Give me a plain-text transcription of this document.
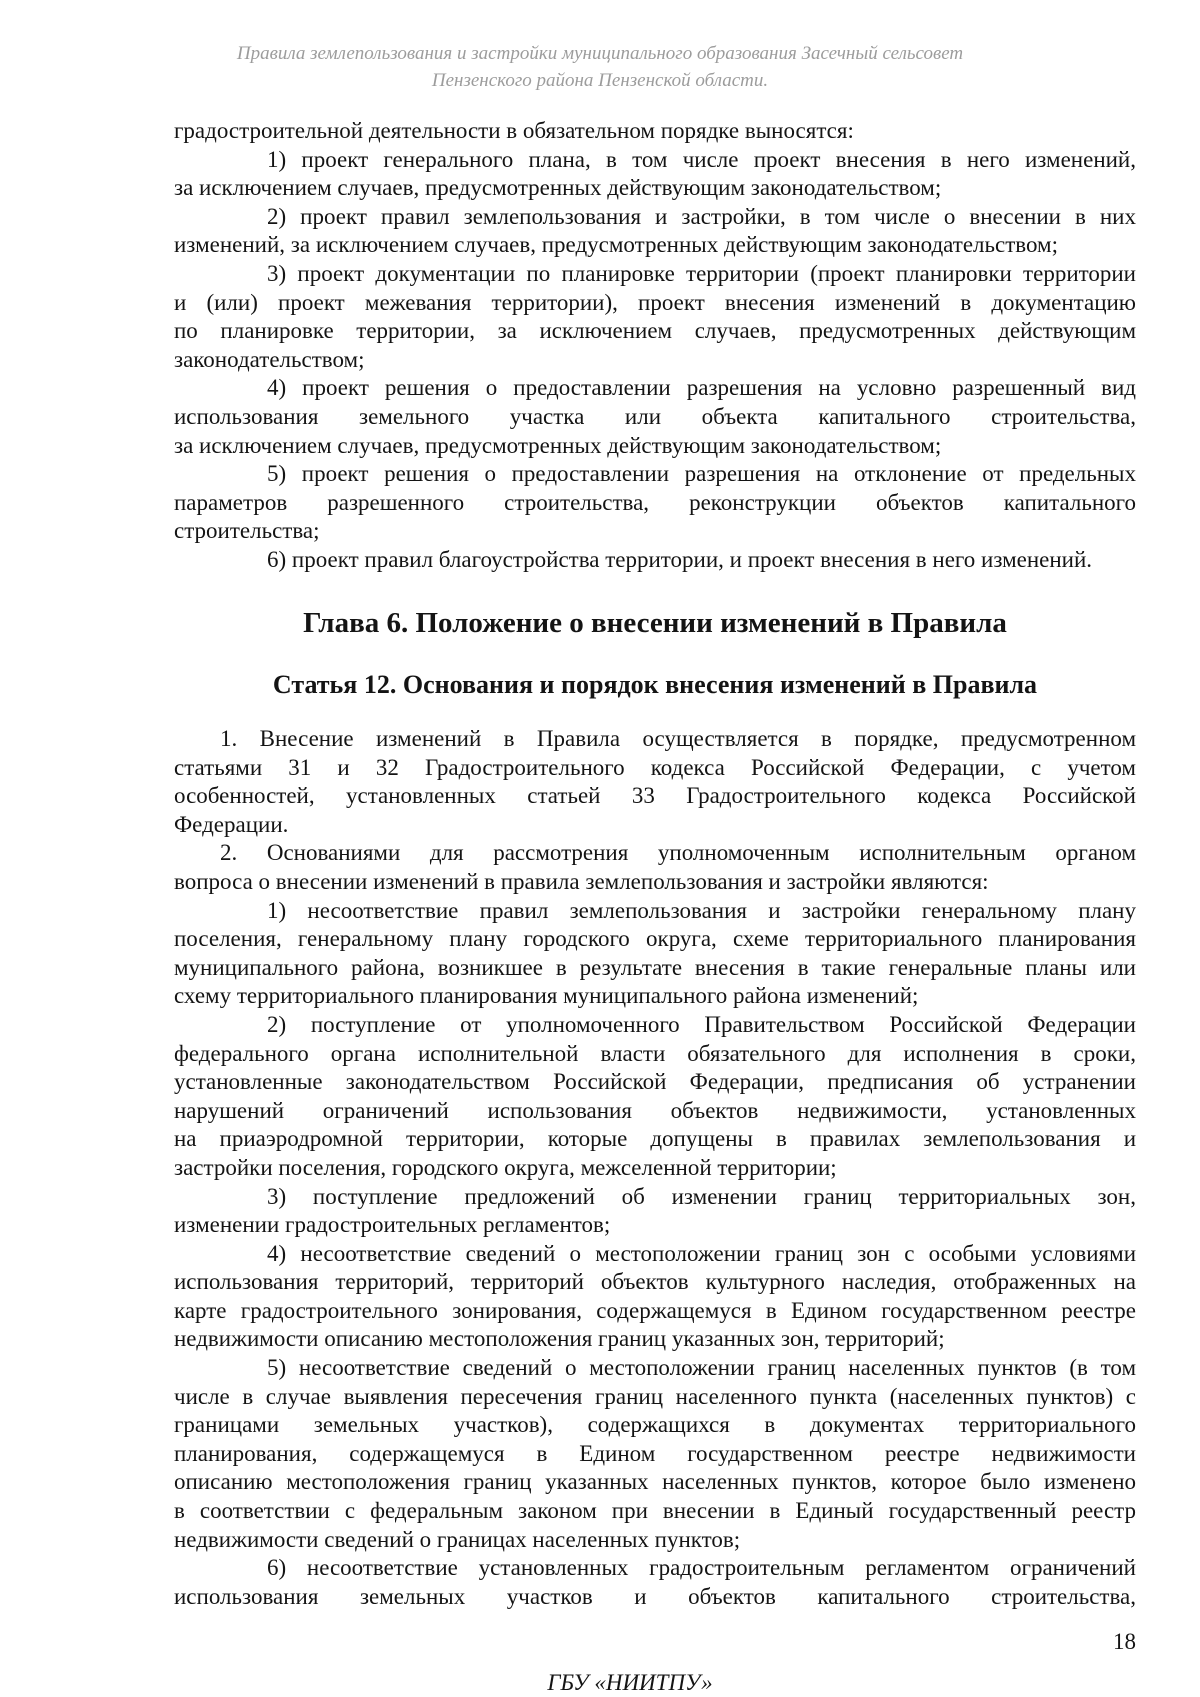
Правила землепользования и застройки муниципального образования Засечный сельсовет
Пензенского района Пензенской области.
градостроительной деятельности в обязательном порядке выносятся:
1) проект генерального плана, в том числе проект внесения в него изменений,
за исключением случаев, предусмотренных действующим законодательством;
2) проект правил землепользования и застройки, в том числе о внесении в них
изменений, за исключением случаев, предусмотренных действующим законодательством;
3) проект документации по планировке территории (проект планировки территории
и (или) проект межевания территории), проект внесения изменений в документацию
по планировке территории, за исключением случаев, предусмотренных действующим
законодательством;
4) проект решения о предоставлении разрешения на условно разрешенный вид
использования земельного участка или объекта капитального строительства,
за исключением случаев, предусмотренных действующим законодательством;
5) проект решения о предоставлении разрешения на отклонение от предельных
параметров разрешенного строительства, реконструкции объектов капитального
строительства;
6) проект правил благоустройства территории, и проект внесения в него изменений.
Глава 6. Положение о внесении изменений в Правила
Статья 12. Основания и порядок внесения изменений в Правила
1. Внесение изменений в Правила осуществляется в порядке, предусмотренном
статьями 31 и 32 Градостроительного кодекса Российской Федерации, с учетом
особенностей, установленных статьей 33 Градостроительного кодекса Российской
Федерации.
2. Основаниями для рассмотрения уполномоченным исполнительным органом
вопроса о внесении изменений в правила землепользования и застройки являются:
1) несоответствие правил землепользования и застройки генеральному плану
поселения, генеральному плану городского округа, схеме территориального планирования
муниципального района, возникшее в результате внесения в такие генеральные планы или
схему территориального планирования муниципального района изменений;
2) поступление от уполномоченного Правительством Российской Федерации
федерального органа исполнительной власти обязательного для исполнения в сроки,
установленные законодательством Российской Федерации, предписания об устранении
нарушений ограничений использования объектов недвижимости, установленных
на приаэродромной территории, которые допущены в правилах землепользования и
застройки поселения, городского округа, межселенной территории;
3) поступление предложений об изменении границ территориальных зон,
изменении градостроительных регламентов;
4) несоответствие сведений о местоположении границ зон с особыми условиями
использования территорий, территорий объектов культурного наследия, отображенных на
карте градостроительного зонирования, содержащемуся в Едином государственном реестре
недвижимости описанию местоположения границ указанных зон, территорий;
5) несоответствие сведений о местоположении границ населенных пунктов (в том
числе в случае выявления пересечения границ населенного пункта (населенных пунктов) с
границами земельных участков), содержащихся в документах территориального
планирования, содержащемуся в Едином государственном реестре недвижимости
описанию местоположения границ указанных населенных пунктов, которое было изменено
в соответствии с федеральным законом при внесении в Единый государственный реестр
недвижимости сведений о границах населенных пунктов;
6) несоответствие установленных градостроительным регламентом ограничений
использования земельных участков и объектов капитального строительства,
18
ГБУ «НИИТПУ»
